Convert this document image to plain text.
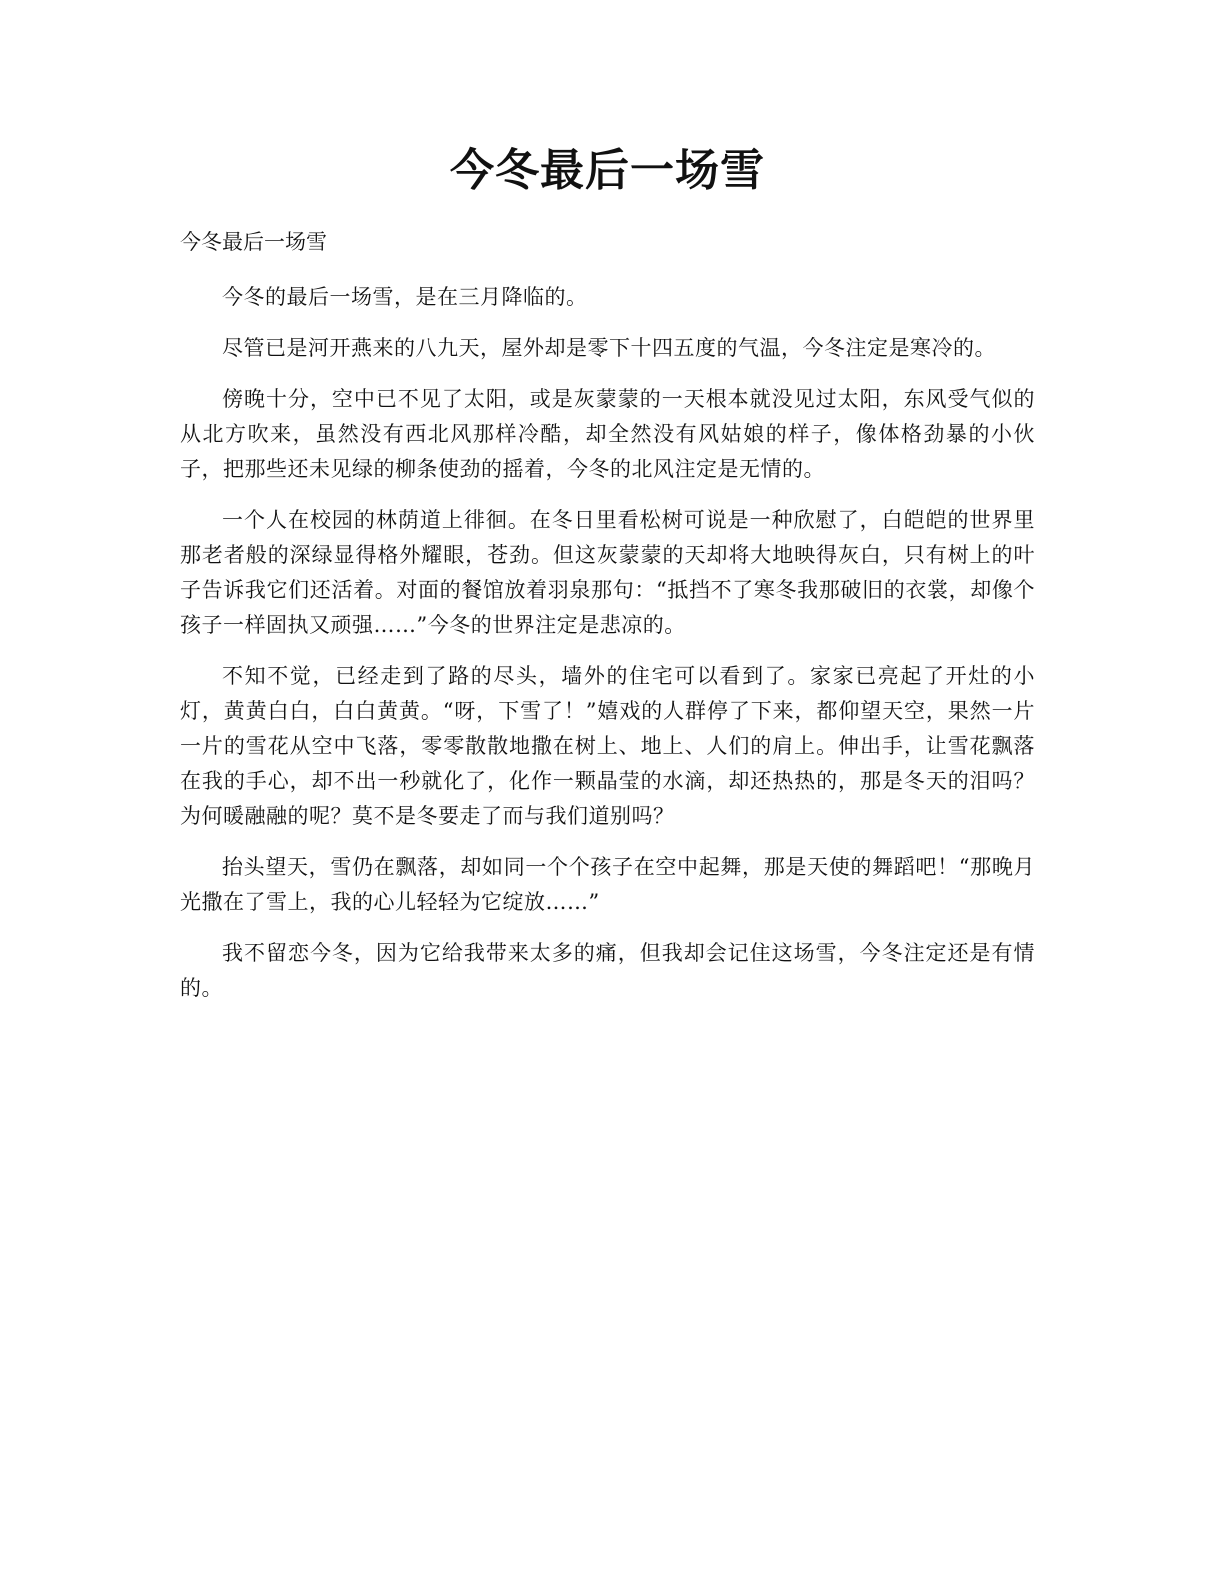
今冬最后一场雪
今冬最后一场雪

今冬的最后一场雪，是在三月降临的。

尽管已是河开燕来的八九天，屋外却是零下十四五度的气温，今冬注定是寒冷的。

傍晚十分，空中已不见了太阳，或是灰蒙蒙的一天根本就没见过太阳，东风受气似的从北方吹来，虽然没有西北风那样冷酷，却全然没有风姑娘的样子，像体格劲暴的小伙子，把那些还未见绿的柳条使劲的摇着，今冬的北风注定是无情的。

一个人在校园的林荫道上徘徊。在冬日里看松树可说是一种欣慰了，白皑皑的世界里那老者般的深绿显得格外耀眼，苍劲。但这灰蒙蒙的天却将大地映得灰白，只有树上的叶子告诉我它们还活着。对面的餐馆放着羽泉那句：“抵挡不了寒冬我那破旧的衣裳，却像个孩子一样固执又顽强……”今冬的世界注定是悲凉的。

不知不觉，已经走到了路的尽头，墙外的住宅可以看到了。家家已亮起了开灶的小灯，黄黄白白，白白黄黄。“呀，下雪了！”嬉戏的人群停了下来，都仰望天空，果然一片一片的雪花从空中飞落，零零散散地撒在树上、地上、人们的肩上。伸出手，让雪花飘落在我的手心，却不出一秒就化了，化作一颗晶莹的水滴，却还热热的，那是冬天的泪吗？为何暖融融的呢？莫不是冬要走了而与我们道别吗？

抬头望天，雪仍在飘落，却如同一个个孩子在空中起舞，那是天使的舞蹈吧！“那晚月光撒在了雪上，我的心儿轻轻为它绽放……”

我不留恋今冬，因为它给我带来太多的痛，但我却会记住这场雪，今冬注定还是有情的。
